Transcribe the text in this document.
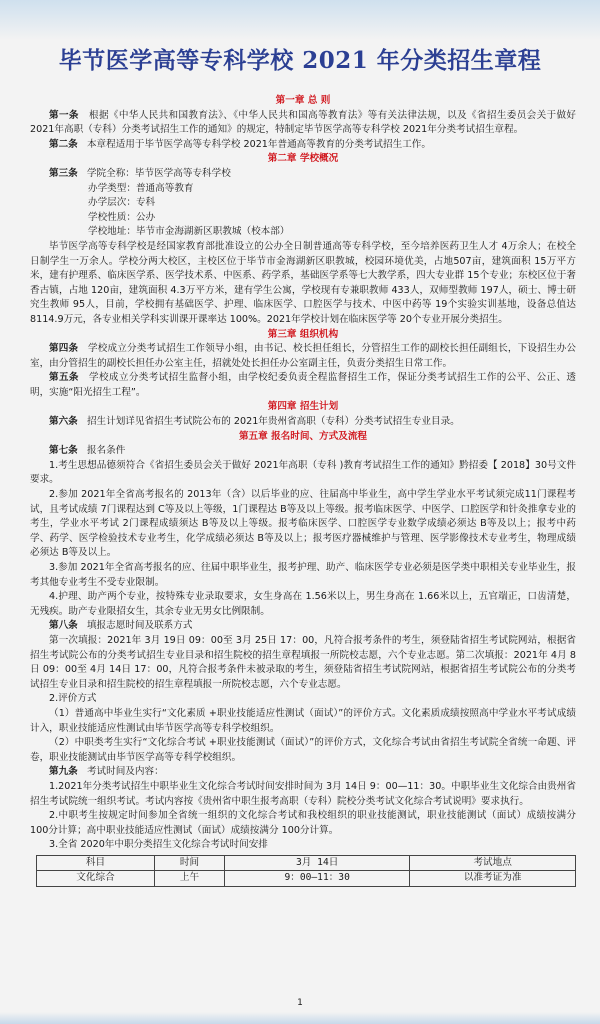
毕节医学高等专科学校 2021 年分类招生章程
第一章 总 则

第一条 根据《中华人民共和国教育法》、《中华人民共和国高等教育法》等有关法律法规，以及《省招生委员会关于做好 2021年高职（专科）分类考试招生工作的通知》的规定，特制定毕节医学高等专科学校 2021年分类考试招生章程。

第二条 本章程适用于毕节医学高等专科学校 2021年普通高等教育的分类考试招生工作。

第二章 学校概况

第三条 学院全称：毕节医学高等专科学校

办学类型：普通高等教育

办学层次：专科

学校性质：公办

学校地址：毕节市金海湖新区职教城（校本部）

毕节医学高等专科学校是经国家教育部批准设立的公办全日制普通高等专科学校，至今培养医药卫生人才 4万余人；在校全日制学生一万余人。学校分两大校区，主校区位于毕节市金海湖新区职教城，校园环境优美，占地507亩，建筑面积 15万平方米，建有护理系、临床医学系、医学技术系、中医系、药学系，基础医学系等七大教学系，四大专业群 15个专业；东校区位于奢香古镇，占地 120亩，建筑面积 4.3万平方米，建有学生公寓，学校现有专兼职教师 433人，双师型教师 197人，硕士、博士研究生教师 95人，目前，学校拥有基础医学、护理、临床医学、口腔医学与技术、中医中药等 19个实验实训基地，设备总值达 8114.9万元，各专业相关学科实训课开课率达 100%。2021年学校计划在临床医学等 20个专业开展分类招生。

第三章 组织机构

第四条 学校成立分类考试招生工作领导小组，由书记、校长担任组长，分管招生工作的副校长担任副组长，下设招生办公室，由分管招生的副校长担任办公室主任，招就处处长担任办公室副主任，负责分类招生日常工作。

第五条 学校成立分类考试招生监督小组，由学校纪委负责全程监督招生工作，保证分类考试招生工作的公平、公正、透明，实施“阳光招生工程”。

第四章 招生计划

第六条 招生计划详见省招生考试院公布的 2021年贵州省高职（专科）分类考试招生专业目录。

第五章 报名时间、方式及流程

第七条 报名条件

1.考生思想品德须符合《省招生委员会关于做好 2021年高职（专科 )教育考试招生工作的通知》黔招委【 2018】30号文件要求。

2.参加 2021年全省高考报名的 2013年（含）以后毕业的应、往届高中毕业生，高中学生学业水平考试须完成11门课程考试，且考试成绩 7门课程达到 C等及以上等级，1门课程达 B等及以上等级。报考临床医学、中医学、口腔医学和针灸推拿专业的考生，学业水平考试 2门课程成绩须达 B等及以上等级。报考临床医学、口腔医学专业数学成绩必须达 B等及以上；报考中药学、药学、医学检验技术专业考生，化学成绩必须达 B等及以上；报考医疗器械维护与管理、医学影像技术专业考生，物理成绩必须达 B等及以上。

3.参加 2021年全省高考报名的应、往届中职毕业生，报考护理、助产、临床医学专业必须是医学类中职相关专业毕业生，报考其他专业考生不受专业限制。

4.护理、助产两个专业，按特殊专业录取要求，女生身高在 1.56米以上，男生身高在 1.66米以上，五官端正，口齿清楚，无残疾。助产专业限招女生，其余专业无男女比例限制。

第八条 填报志愿时间及联系方式

第一次填报：2021年 3月 19日 09：00至 3月 25日 17：00，凡符合报考条件的考生，须登陆省招生考试院网站，根据省招生考试院公布的分类考试招生专业目录和招生院校的招生章程填报一所院校志愿，六个专业志愿。第二次填报：2021年 4月 8日 09：00至 4月 14日 17：00，凡符合报考条件未被录取的考生，须登陆省招生考试院网站，根据省招生考试院公布的分类考试招生专业目录和招生院校的招生章程填报一所院校志愿，六个专业志愿。

2.评价方式

（1）普通高中毕业生实行“文化素质 +职业技能适应性测试（面试）”的评价方式。文化素质成绩按照高中学业水平考试成绩计入，职业技能适应性测试由毕节医学高等专科学校组织。

（2）中职类考生实行“文化综合考试 +职业技能测试（面试）”的评价方式，文化综合考试由省招生考试院全省统一命题、评卷，职业技能测试由毕节医学高等专科学校组织。

第九条 考试时间及内容：

1.2021年分类考试招生中职毕业生文化综合考试时间安排时间为 3月 14日 9：00—11：30。中职毕业生文化综合由贵州省招生考试院统一组织考试。考试内容按《贵州省中职生报考高职（专科）院校分类考试文化综合考试说明》要求执行。

2.中职考生按规定时间参加全省统一组织的文化综合考试和我校组织的职业技能测试，职业技能测试（面试）成绩按满分 100分计算；高中职业技能适应性测试（面试）成绩按满分 100分计算。

3.全省 2020年中职分类招生文化综合考试时间安排

科目	时间	3月 14日	考试地点
文化综合	上午	9：00—11：30	以准考证为准
1
